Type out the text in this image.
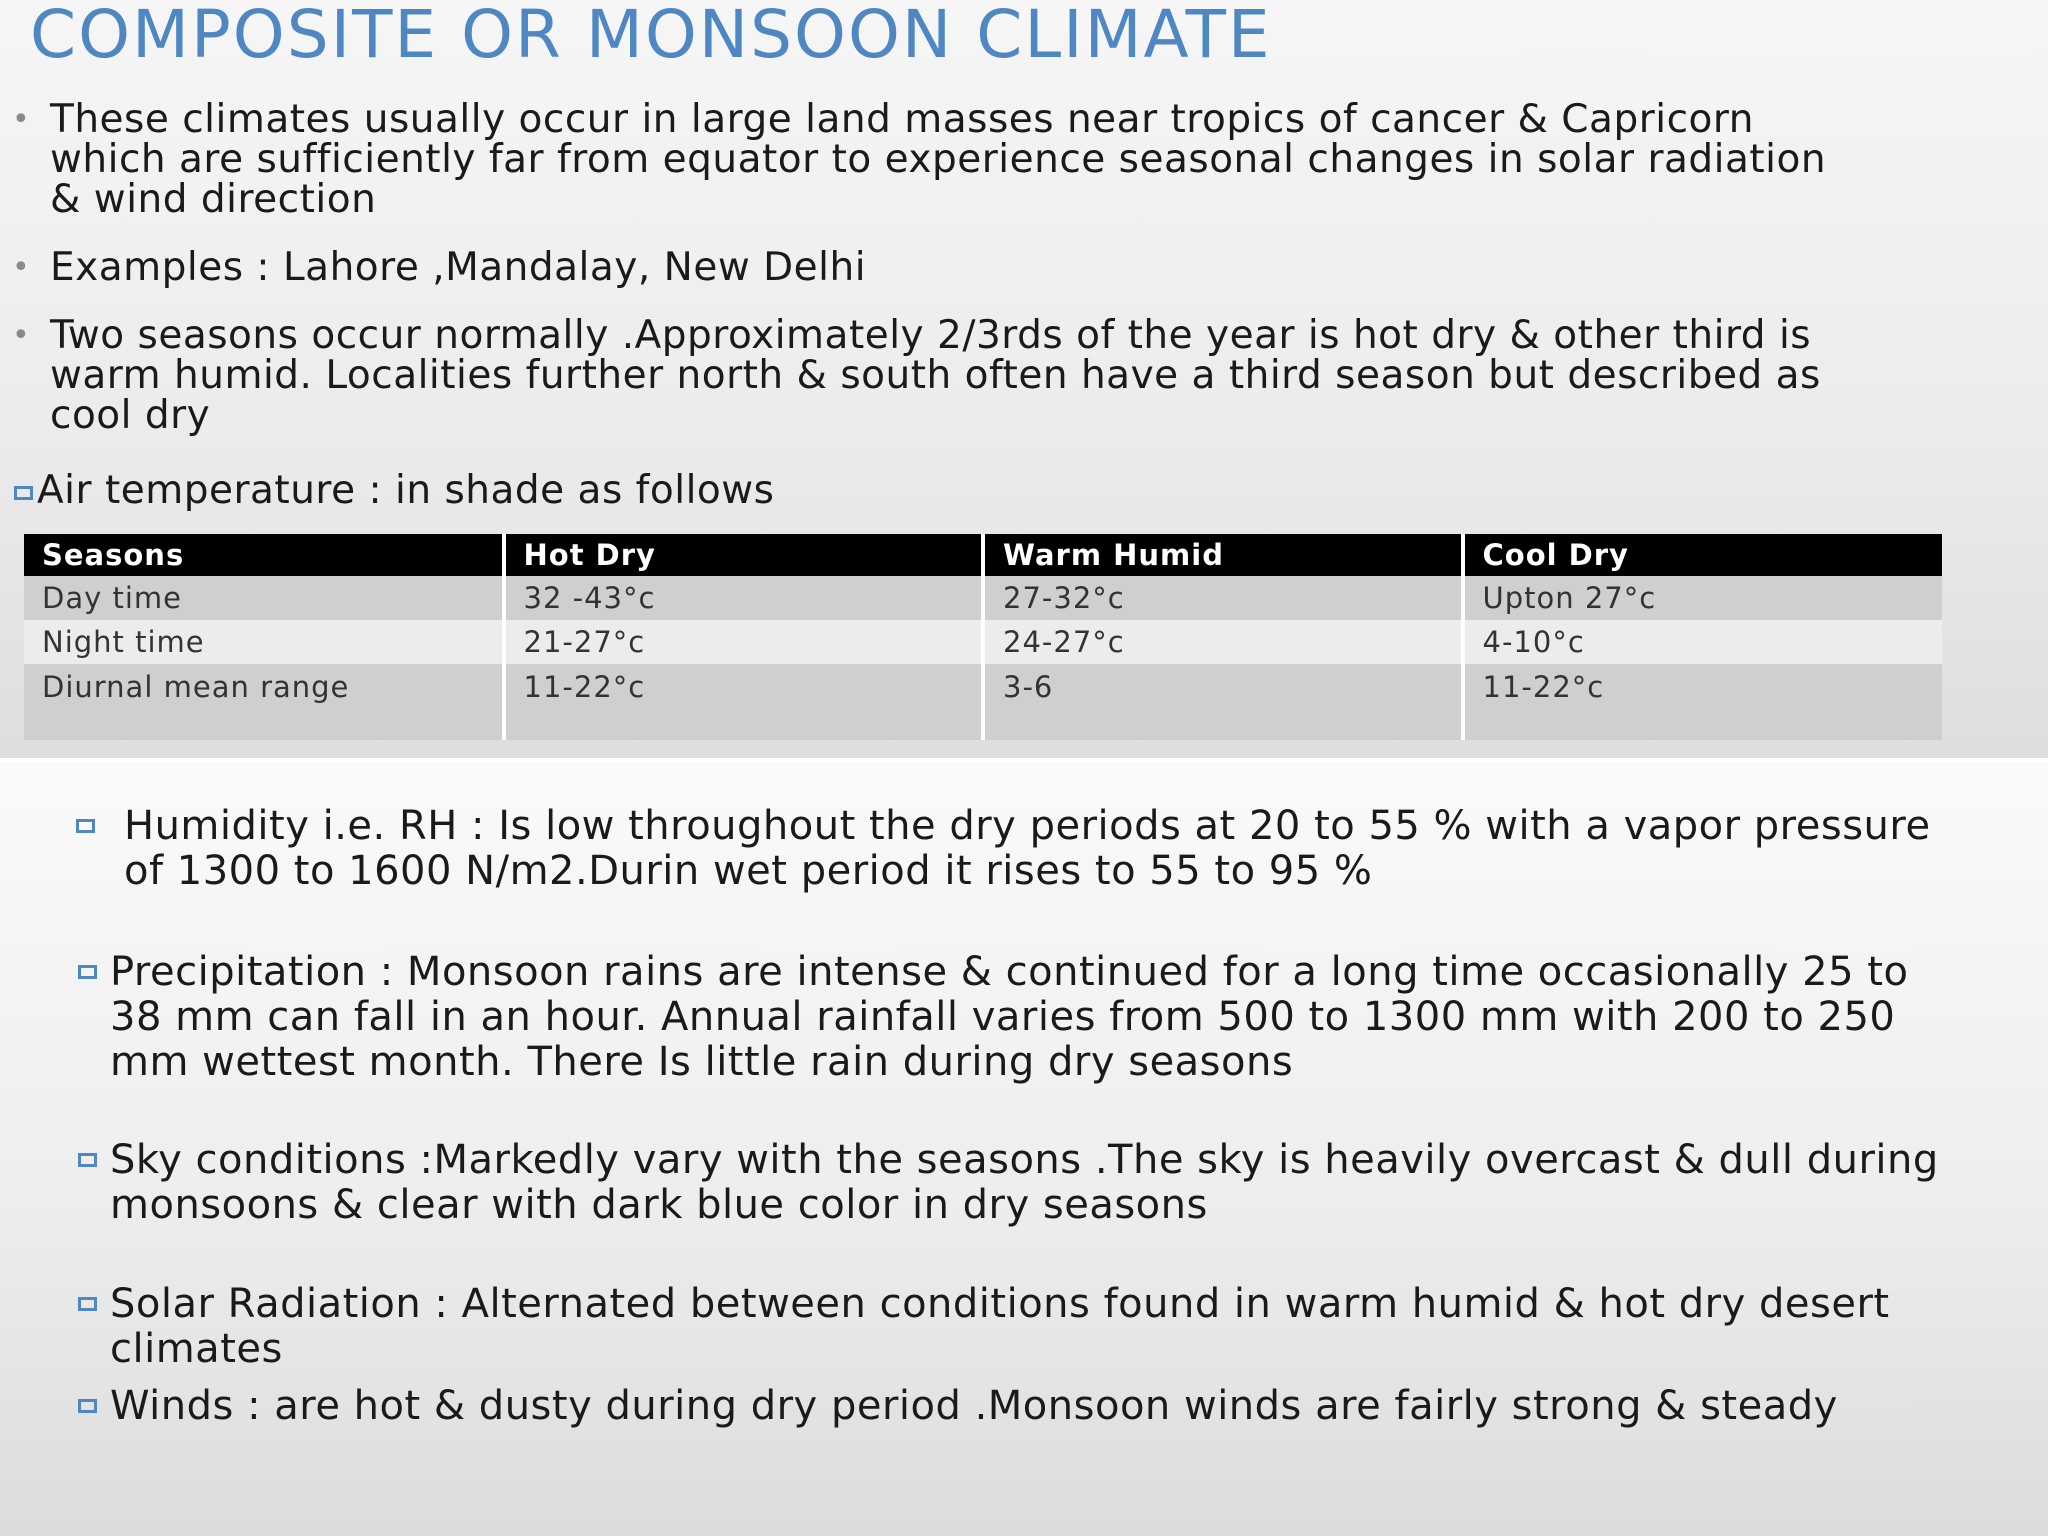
COMPOSITE OR MONSOON CLIMATE
• These climates usually occur in large land masses near tropics of cancer & Capricorn which are sufficiently far from equator to experience seasonal changes in solar radiation & wind direction
• Examples : Lahore ,Mandalay, New Delhi
• Two seasons occur normally .Approximately 2/3rds of the year is hot dry & other third is warm humid. Localities further north & south often have a third season but described as cool dry
Air temperature : in shade as follows
Seasons	Hot Dry	Warm Humid	Cool Dry
Day time	32 -43°c	27-32°c	Upton 27°c
Night time	21-27°c	24-27°c	4-10°c
Diurnal mean range	11-22°c	3-6	11-22°c
Humidity i.e. RH : Is low throughout the dry periods at 20 to 55 % with a vapor pressure of 1300 to 1600 N/m2.Durin wet period it rises to 55 to 95 %
Precipitation : Monsoon rains are intense & continued for a long time occasionally 25 to 38 mm can fall in an hour. Annual rainfall varies from 500 to 1300 mm with 200 to 250 mm wettest month. There Is little rain during dry seasons
Sky conditions :Markedly vary with the seasons .The sky is heavily overcast & dull during monsoons & clear with dark blue color in dry seasons
Solar Radiation : Alternated between conditions found in warm humid & hot dry desert climates
Winds : are hot & dusty during dry period .Monsoon winds are fairly strong & steady
